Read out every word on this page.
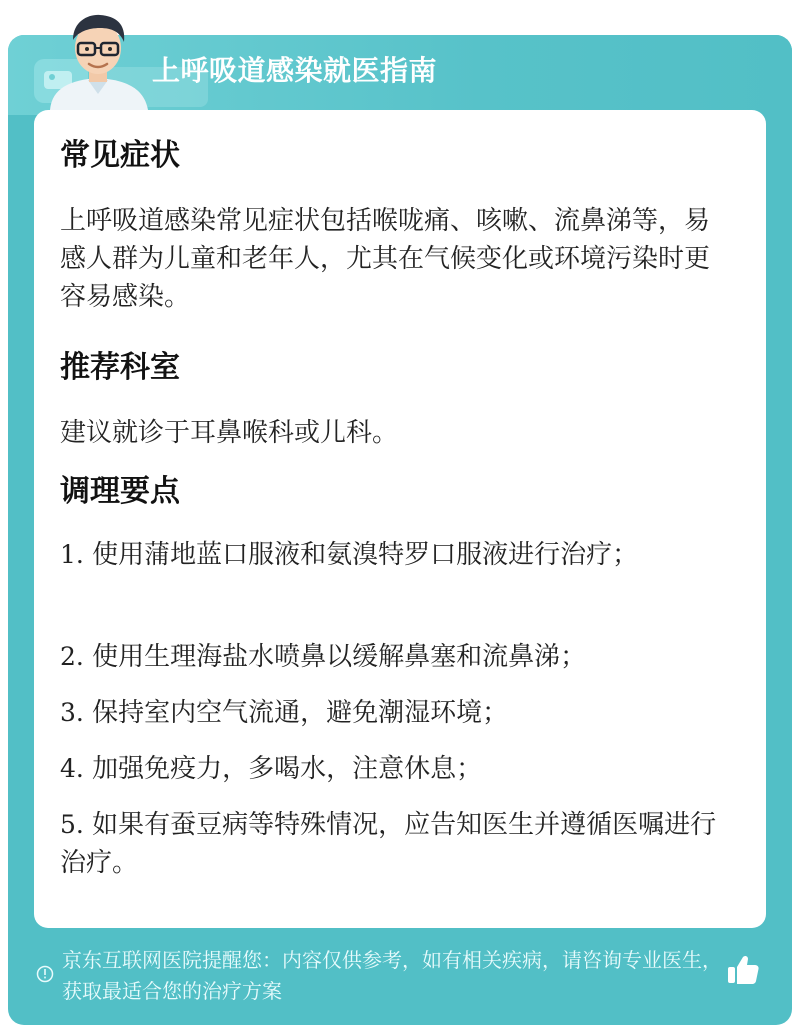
上呼吸道感染就医指南
常见症状
上呼吸道感染常见症状包括喉咙痛、咳嗽、流鼻涕等，易感人群为儿童和老年人，尤其在气候变化或环境污染时更容易感染。
推荐科室
建议就诊于耳鼻喉科或儿科。
调理要点
1. 使用蒲地蓝口服液和氨溴特罗口服液进行治疗；
2. 使用生理海盐水喷鼻以缓解鼻塞和流鼻涕；
3. 保持室内空气流通，避免潮湿环境；
4. 加强免疫力，多喝水，注意休息；
5. 如果有蚕豆病等特殊情况，应告知医生并遵循医嘱进行治疗。
京东互联网医院提醒您：内容仅供参考，如有相关疾病，请咨询专业医生，获取最适合您的治疗方案
